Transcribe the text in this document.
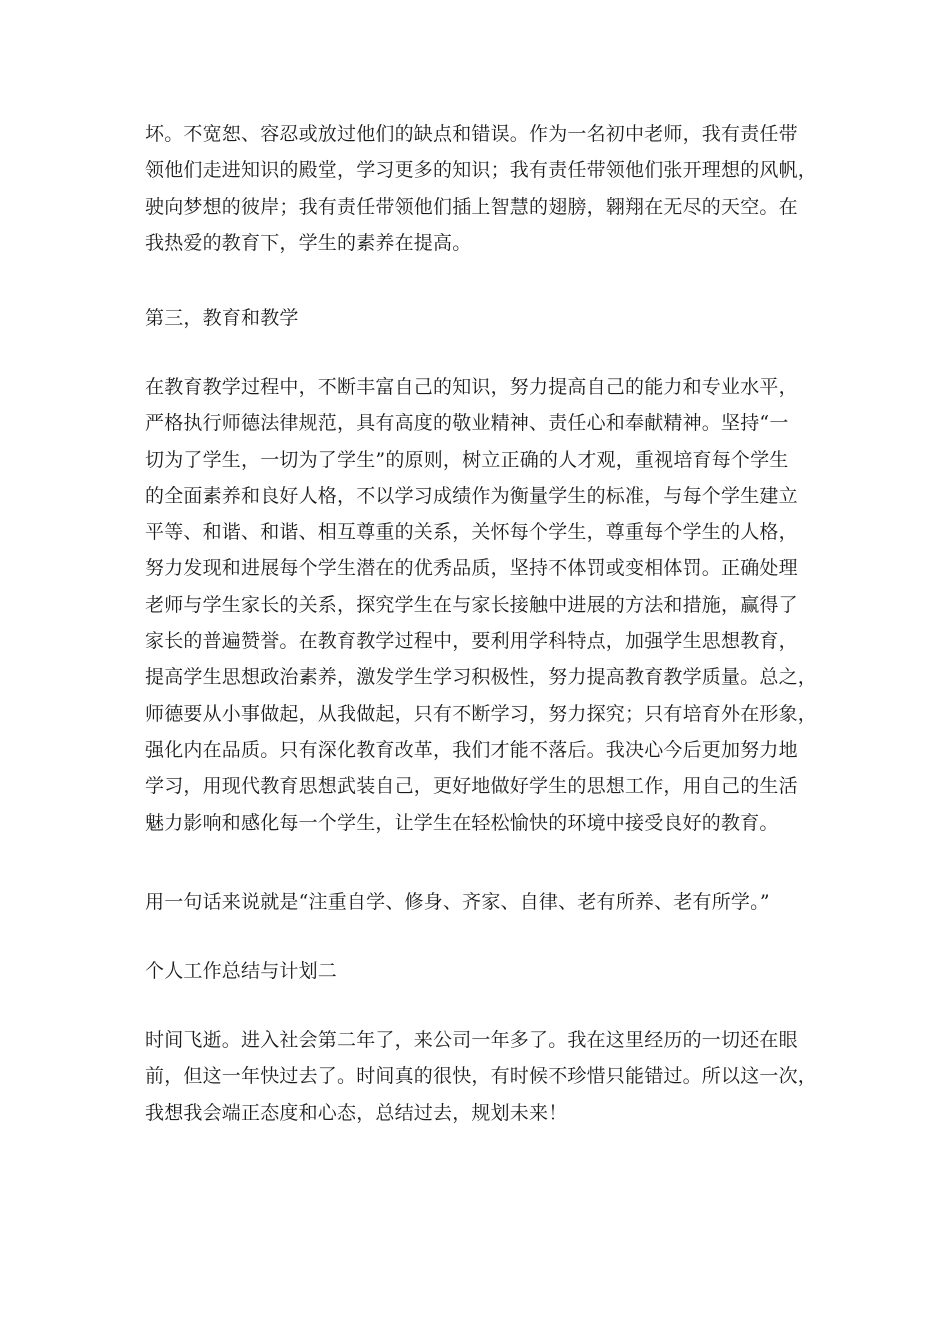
坏。不宽恕、容忍或放过他们的缺点和错误。作为一名初中老师，我有责任带
领他们走进知识的殿堂，学习更多的知识；我有责任带领他们张开理想的风帆，
驶向梦想的彼岸；我有责任带领他们插上智慧的翅膀，翱翔在无尽的天空。在
我热爱的教育下，学生的素养在提高。
第三，教育和教学
在教育教学过程中，不断丰富自己的知识，努力提高自己的能力和专业水平，
严格执行师德法律规范，具有高度的敬业精神、责任心和奉献精神。坚持“一
切为了学生，一切为了学生”的原则，树立正确的人才观，重视培育每个学生
的全面素养和良好人格，不以学习成绩作为衡量学生的标准，与每个学生建立
平等、和谐、和谐、相互尊重的关系，关怀每个学生，尊重每个学生的人格，
努力发现和进展每个学生潜在的优秀品质，坚持不体罚或变相体罚。正确处理
老师与学生家长的关系，探究学生在与家长接触中进展的方法和措施，赢得了
家长的普遍赞誉。在教育教学过程中，要利用学科特点，加强学生思想教育，
提高学生思想政治素养，激发学生学习积极性，努力提高教育教学质量。总之，
师德要从小事做起，从我做起，只有不断学习，努力探究；只有培育外在形象，
强化内在品质。只有深化教育改革，我们才能不落后。我决心今后更加努力地
学习，用现代教育思想武装自己，更好地做好学生的思想工作，用自己的生活
魅力影响和感化每一个学生，让学生在轻松愉快的环境中接受良好的教育。
用一句话来说就是“注重自学、修身、齐家、自律、老有所养、老有所学。”
个人工作总结与计划二
时间飞逝。进入社会第二年了，来公司一年多了。我在这里经历的一切还在眼
前，但这一年快过去了。时间真的很快，有时候不珍惜只能错过。所以这一次，
我想我会端正态度和心态，总结过去，规划未来！
